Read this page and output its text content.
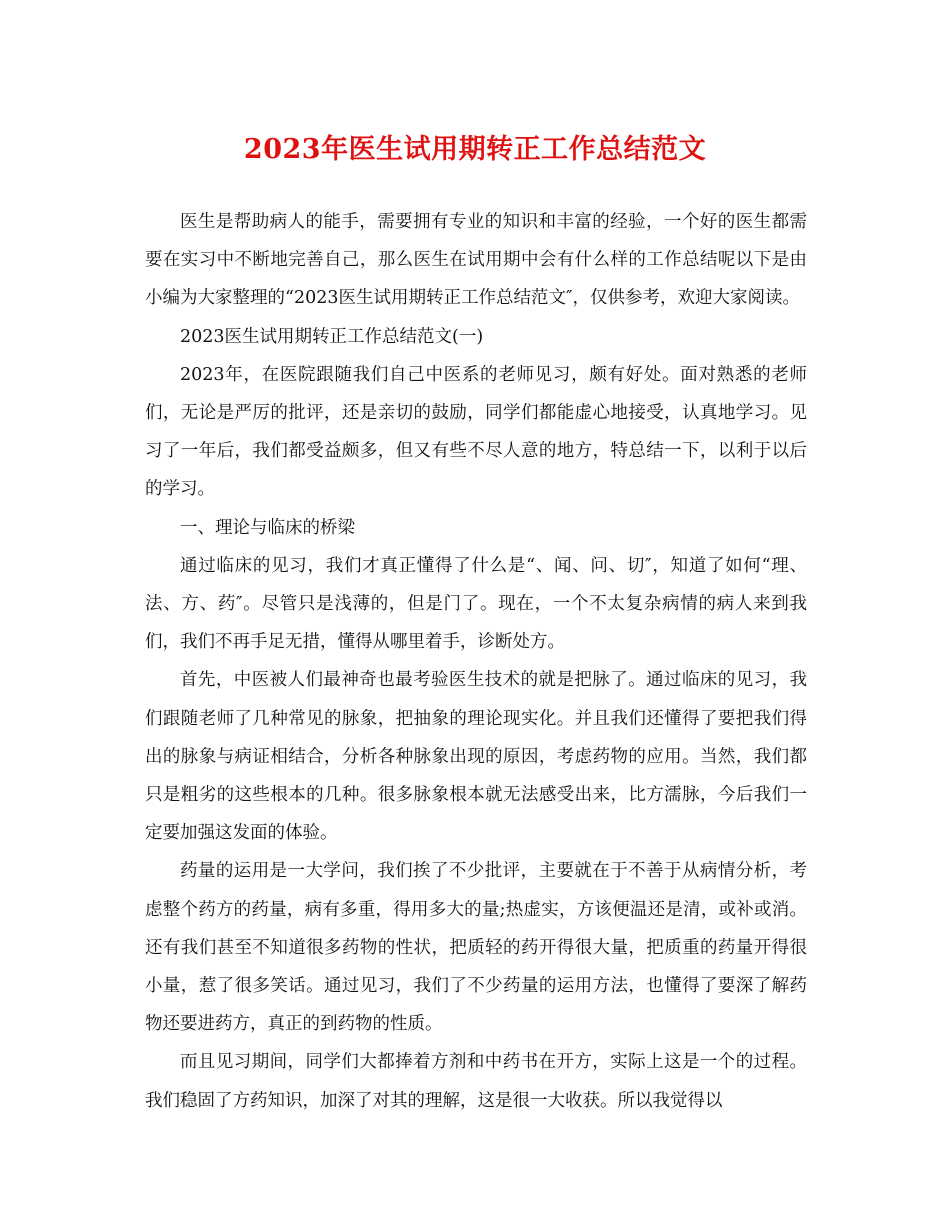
2023年医生试用期转正工作总结范文

医生是帮助病人的能手，需要拥有专业的知识和丰富的经验，一个好的医生都需要在实习中不断地完善自己，那么医生在试用期中会有什么样的工作总结呢以下是由小编为大家整理的“2023医生试用期转正工作总结范文″，仅供参考，欢迎大家阅读。

2023医生试用期转正工作总结范文(一)

2023年，在医院跟随我们自己中医系的老师见习，颇有好处。面对熟悉的老师们，无论是严厉的批评，还是亲切的鼓励，同学们都能虚心地接受，认真地学习。见习了一年后，我们都受益颇多，但又有些不尽人意的地方，特总结一下，以利于以后的学习。

一、理论与临床的桥梁

通过临床的见习，我们才真正懂得了什么是“、闻、问、切″，知道了如何“理、法、方、药″。尽管只是浅薄的，但是门了。现在，一个不太复杂病情的病人来到我们，我们不再手足无措，懂得从哪里着手，诊断处方。

首先，中医被人们最神奇也最考验医生技术的就是把脉了。通过临床的见习，我们跟随老师了几种常见的脉象，把抽象的理论现实化。并且我们还懂得了要把我们得出的脉象与病证相结合，分析各种脉象出现的原因，考虑药物的应用。当然，我们都只是粗劣的这些根本的几种。很多脉象根本就无法感受出来，比方濡脉，今后我们一定要加强这发面的体验。

药量的运用是一大学问，我们挨了不少批评，主要就在于不善于从病情分析，考虑整个药方的药量，病有多重，得用多大的量;热虚实，方该便温还是清，或补或消。还有我们甚至不知道很多药物的性状，把质轻的药开得很大量，把质重的药量开得很小量，惹了很多笑话。通过见习，我们了不少药量的运用方法，也懂得了要深了解药物还要进药方，真正的到药物的性质。

而且见习期间，同学们大都捧着方剂和中药书在开方，实际上这是一个的过程。我们稳固了方药知识，加深了对其的理解，这是很一大收获。所以我觉得以
